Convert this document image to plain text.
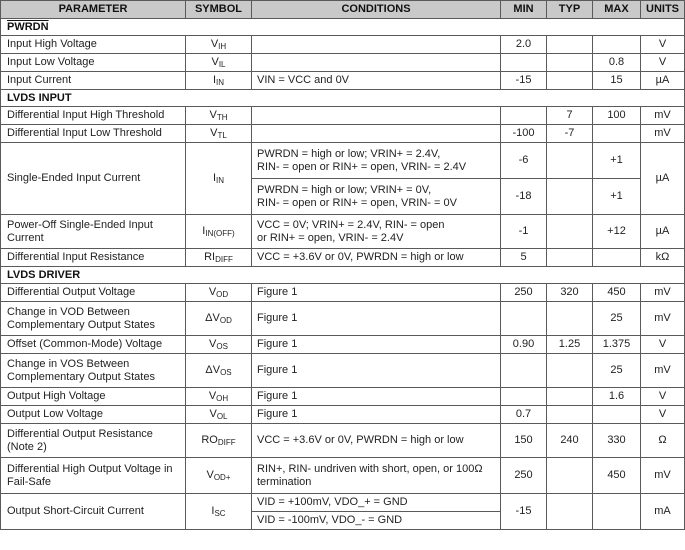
PARAMETER	SYMBOL	CONDITIONS	MIN	TYP	MAX	UNITS
PWRDN						
Input High Voltage	$V_{IH}$		2.0			V
Input Low Voltage	$V_{IL}$				0.8	V
Input Current	$I_{IN}$	VIN = VCC and 0V	-15		15	µA
LVDS INPUT						
Differential Input High Threshold	$V_{TH}$			7	100	mV
Differential Input Low Threshold	$V_{TL}$		-100	-7		mV
Single-Ended Input Current	$I_{IN}$	PWRDN = high or low; VRIN+ = 2.4V,
RIN- = open or RIN+ = open, VRIN- = 2.4V	-6		+1	µA
		PWRDN = high or low; VRIN+ = 0V,
RIN- = open or RIN+ = open, VRIN- = 0V	-18		+1	
Power-Off Single-Ended Input Current	$I_{IN(OFF)}$	VCC = 0V; VRIN+ = 2.4V, RIN- = open
or RIN+ = open, VRIN- = 2.4V	-1		+12	µA
Differential Input Resistance	$RI_{DIFF}$	VCC = +3.6V or 0V, PWRDN = high or low	5			kΩ
LVDS DRIVER						
Differential Output Voltage	$V_{OD}$	Figure 1	250	320	450	mV
Change in VOD Between Complementary Output States	$\Delta V_{OD}$	Figure 1			25	mV
Offset (Common-Mode) Voltage	$V_{OS}$	Figure 1	0.90	1.25	1.375	V
Change in VOS Between Complementary Output States	$\Delta V_{OS}$	Figure 1			25	mV
Output High Voltage	$V_{OH}$	Figure 1			1.6	V
Output Low Voltage	$V_{OL}$	Figure 1	0.7			V
Differential Output Resistance (Note 2)	$RO_{DIFF}$	VCC = +3.6V or 0V, PWRDN = high or low	150	240	330	Ω
Differential High Output Voltage in Fail-Safe	$V_{OD+}$	RIN+, RIN- undriven with short, open, or 100Ω termination	250		450	mV
Output Short-Circuit Current	$I_{SC}$	VID = +100mV, VDO_+ = GND	-15			mA
		VID = -100mV, VDO_- = GND				
